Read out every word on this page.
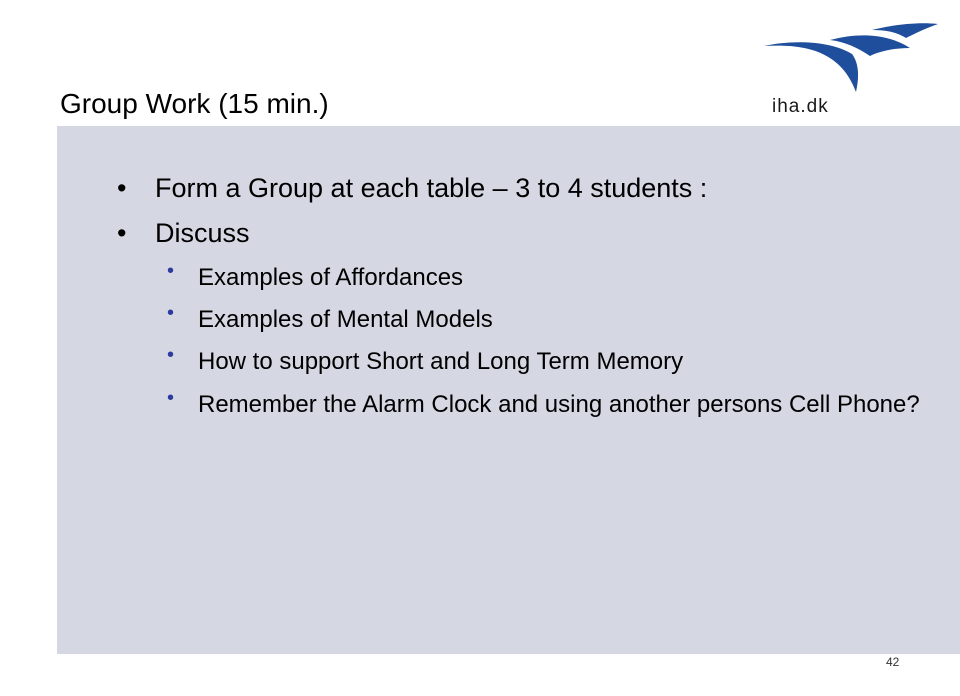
Group Work (15 min.)	iha.dk
• Form a Group at each table – 3 to 4 students :
• Discuss
• Examples of Affordances
• Examples of Mental Models
• How to support Short and Long Term Memory
• Remember the Alarm Clock and using another persons Cell Phone?
42
